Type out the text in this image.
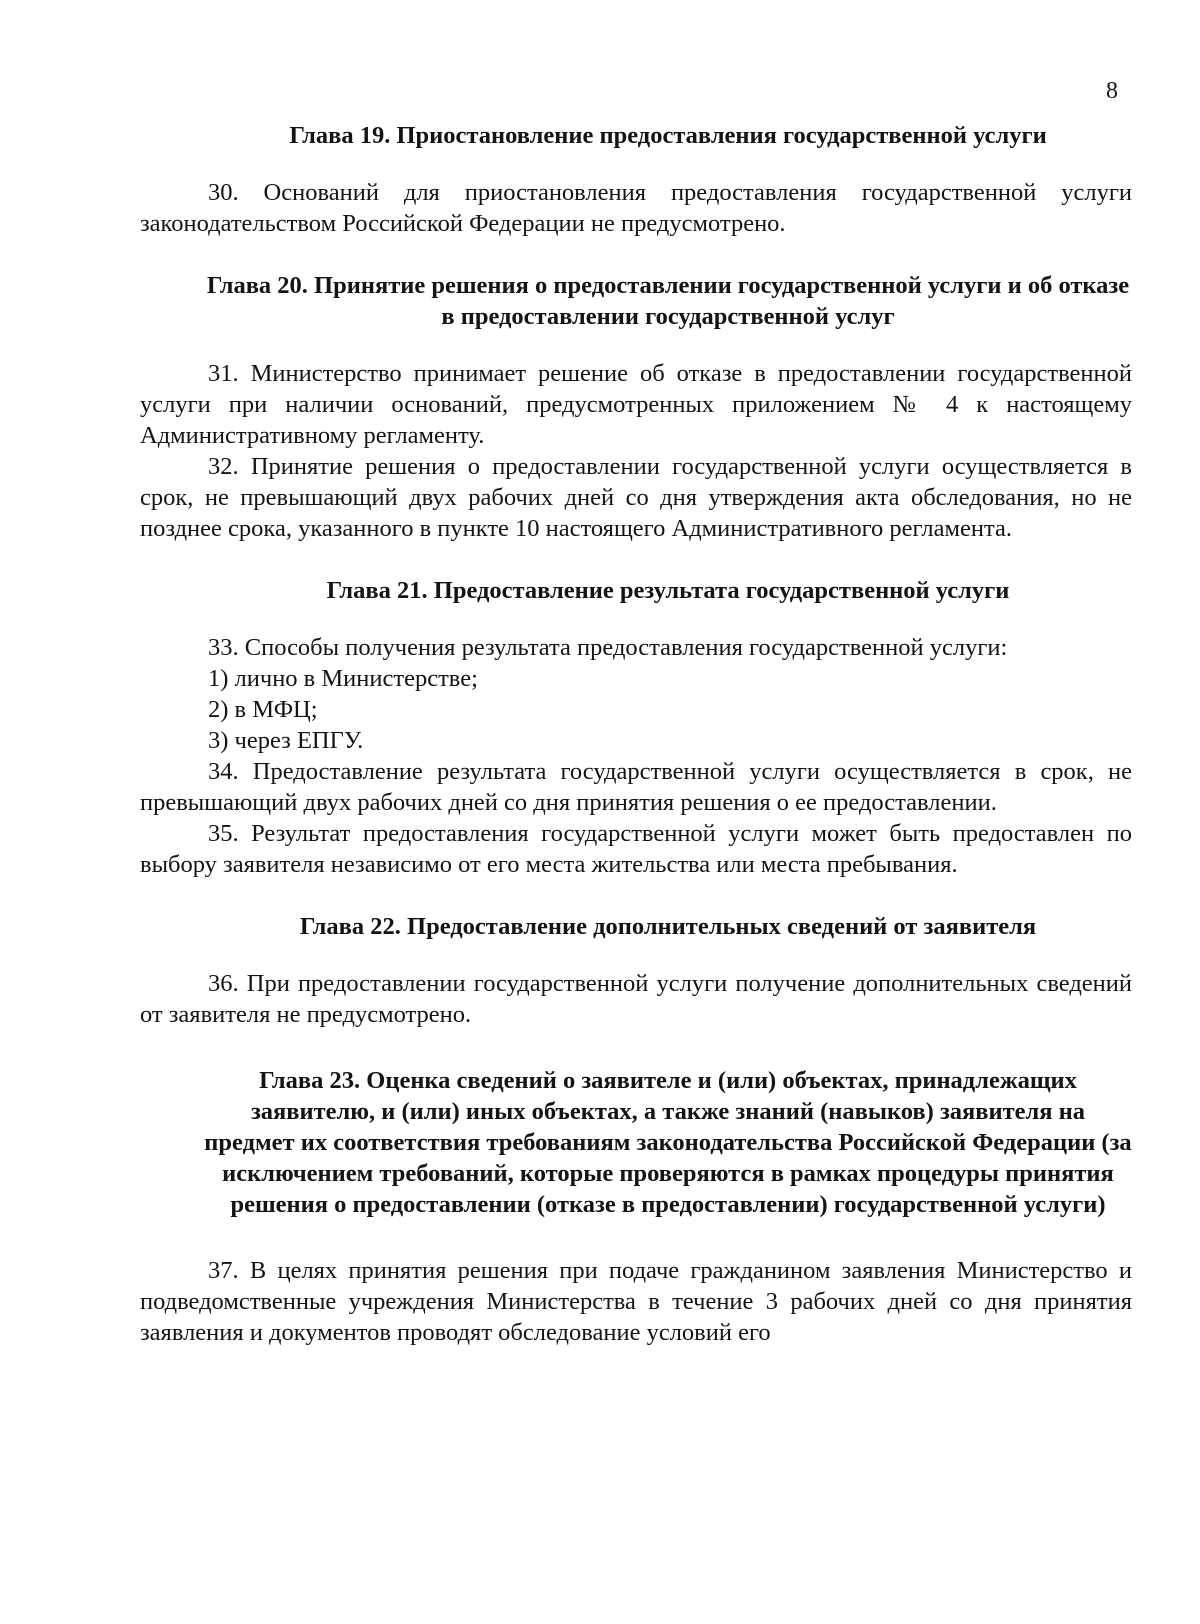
8

Глава 19. Приостановление предоставления государственной услуги

30. Оснований для приостановления предоставления государственной услуги законодательством Российской Федерации не предусмотрено.

Глава 20. Принятие решения о предоставлении государственной услуги и об отказе в предоставлении государственной услуг

31. Министерство принимает решение об отказе в предоставлении государственной услуги при наличии оснований, предусмотренных приложением № 4 к настоящему Административному регламенту.

32. Принятие решения о предоставлении государственной услуги осуществляется в срок, не превышающий двух рабочих дней со дня утверждения акта обследования, но не позднее срока, указанного в пункте 10 настоящего Административного регламента.

Глава 21. Предоставление результата государственной услуги

33. Способы получения результата предоставления государственной услуги:

1) лично в Министерстве;

2) в МФЦ;

3) через ЕПГУ.

34. Предоставление результата государственной услуги осуществляется в срок, не превышающий двух рабочих дней со дня принятия решения о ее предоставлении.

35. Результат предоставления государственной услуги может быть предоставлен по выбору заявителя независимо от его места жительства или места пребывания.

Глава 22. Предоставление дополнительных сведений от заявителя

36. При предоставлении государственной услуги получение дополнительных сведений от заявителя не предусмотрено.

Глава 23. Оценка сведений о заявителе и (или) объектах, принадлежащих заявителю, и (или) иных объектах, а также знаний (навыков) заявителя на предмет их соответствия требованиям законодательства Российской Федерации (за исключением требований, которые проверяются в рамках процедуры принятия решения о предоставлении (отказе в предоставлении) государственной услуги)

37. В целях принятия решения при подаче гражданином заявления Министерство и подведомственные учреждения Министерства в течение 3 рабочих дней со дня принятия заявления и документов проводят обследование условий его
